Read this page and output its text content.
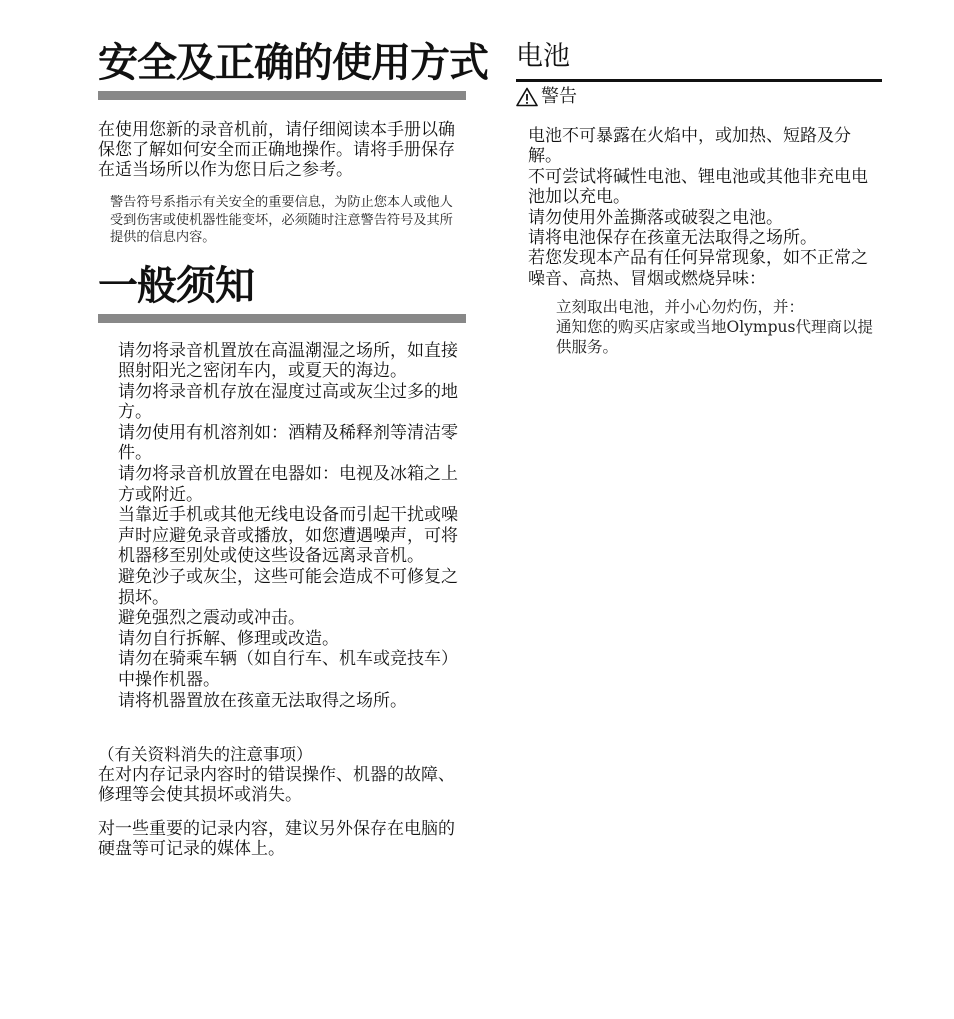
安全及正确的使用方式
在使用您新的录音机前，请仔细阅读本手册以确保您了解如何安全而正确地操作。请将手册保存在适当场所以作为您日后之参考。
警告符号系指示有关安全的重要信息，为防止您本人或他人受到伤害或使机器性能变坏，必须随时注意警告符号及其所提供的信息内容。
一般须知
请勿将录音机置放在高温潮湿之场所，如直接照射阳光之密闭车内，或夏天的海边。
请勿将录音机存放在湿度过高或灰尘过多的地方。
请勿使用有机溶剂如：酒精及稀释剂等清洁零件。
请勿将录音机放置在电器如：电视及冰箱之上方或附近。
当靠近手机或其他无线电设备而引起干扰或噪声时应避免录音或播放，如您遭遇噪声，可将机器移至别处或使这些设备远离录音机。
避免沙子或灰尘，这些可能会造成不可修复之损坏。
避免强烈之震动或冲击。
请勿自行拆解、修理或改造。
请勿在骑乘车辆（如自行车、机车或竞技车）中操作机器。
请将机器置放在孩童无法取得之场所。
（有关资料消失的注意事项）
在对内存记录内容时的错误操作、机器的故障、修理等会使其损坏或消失。
对一些重要的记录内容，建议另外保存在电脑的硬盘等可记录的媒体上。
电池
警告
电池不可暴露在火焰中，或加热、短路及分解。
不可尝试将碱性电池、锂电池或其他非充电电池加以充电。
请勿使用外盖撕落或破裂之电池。
请将电池保存在孩童无法取得之场所。
若您发现本产品有任何异常现象，如不正常之噪音、高热、冒烟或燃烧异味：
立刻取出电池，并小心勿灼伤，并：
通知您的购买店家或当地Olympus代理商以提供服务。
